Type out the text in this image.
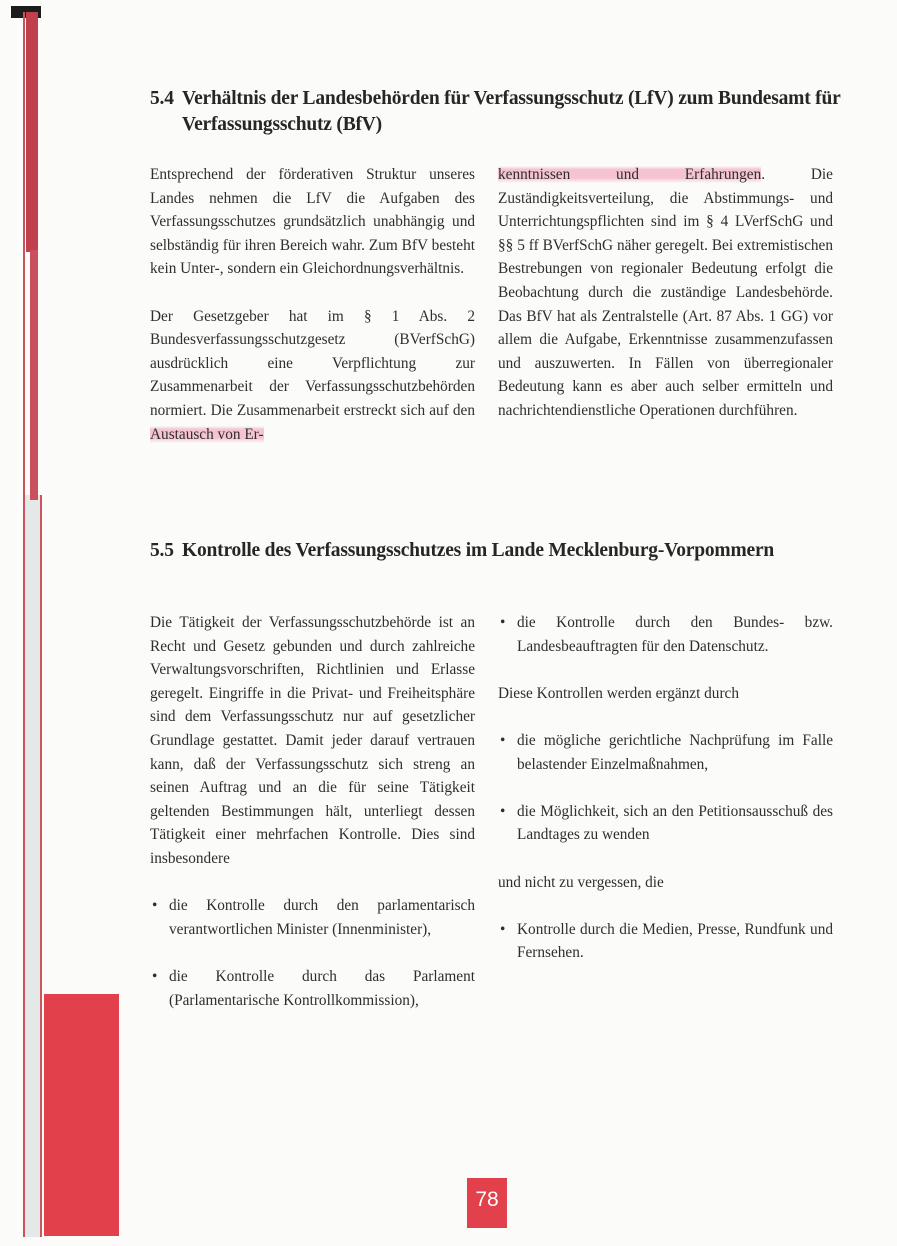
5.4 Verhältnis der Landesbehörden für Verfassungsschutz (LfV) zum Bundesamt für
Verfassungsschutz (BfV)

Entsprechend der förderativen Struktur unseres Landes nehmen die LfV die Aufgaben des Verfassungsschutzes grundsätzlich unabhängig und selbständig für ihren Bereich wahr. Zum BfV besteht kein Unter-, sondern ein Gleichordnungsverhältnis.

Der Gesetzgeber hat im § 1 Abs. 2 Bundesverfassungsschutzgesetz (BVerfSchG) ausdrücklich eine Verpflichtung zur Zusammenarbeit der Verfassungsschutzbehörden normiert. Die Zusammenarbeit erstreckt sich auf den Austausch von Er-

kenntnissen und Erfahrungen. Die Zuständigkeitsverteilung, die Abstimmungs- und Unterrichtungspflichten sind im § 4 LVerfSchG und §§ 5 ff BVerfSchG näher geregelt. Bei extremistischen Bestrebungen von regionaler Bedeutung erfolgt die Beobachtung durch die zuständige Landesbehörde. Das BfV hat als Zentralstelle (Art. 87 Abs. 1 GG) vor allem die Aufgabe, Erkenntnisse zusammenzufassen und auszuwerten. In Fällen von überregionaler Bedeutung kann es aber auch selber ermitteln und nachrichtendienstliche Operationen durchführen.

5.5 Kontrolle des Verfassungsschutzes im Lande Mecklenburg-Vorpommern

Die Tätigkeit der Verfassungsschutzbehörde ist an Recht und Gesetz gebunden und durch zahlreiche Verwaltungsvorschriften, Richtlinien und Erlasse geregelt. Eingriffe in die Privat- und Freiheitsphäre sind dem Verfassungsschutz nur auf gesetzlicher Grundlage gestattet. Damit jeder darauf vertrauen kann, daß der Verfassungsschutz sich streng an seinen Auftrag und an die für seine Tätigkeit geltenden Bestimmungen hält, unterliegt dessen Tätigkeit einer mehrfachen Kontrolle. Dies sind insbesondere

• die Kontrolle durch den parlamentarisch verantwortlichen Minister (Innenminister),

• die Kontrolle durch das Parlament (Parlamentarische Kontrollkommission),

• die Kontrolle durch den Bundes- bzw. Landesbeauftragten für den Datenschutz.

Diese Kontrollen werden ergänzt durch

• die mögliche gerichtliche Nachprüfung im Falle belastender Einzelmaßnahmen,

• die Möglichkeit, sich an den Petitionsausschuß des Landtages zu wenden

und nicht zu vergessen, die

• Kontrolle durch die Medien, Presse, Rundfunk und Fernsehen.

78
